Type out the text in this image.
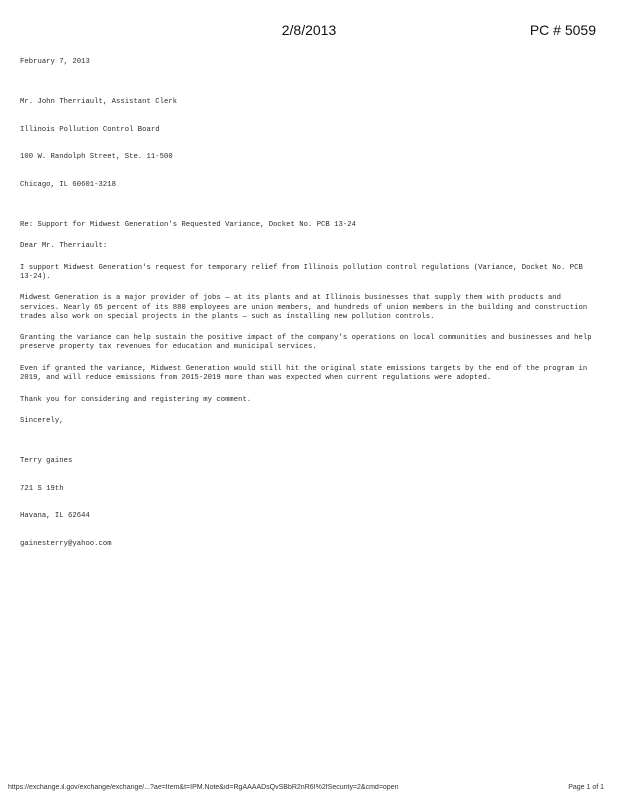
2/8/2013	PC # 5059
February 7, 2013

Mr. John Therriault, Assistant Clerk

Illinois Pollution Control Board

100 W. Randolph Street, Ste. 11-500

Chicago, IL 60601-3218

Re: Support for Midwest Generation's Requested Variance, Docket No. PCB 13-24
Dear Mr. Therriault:
I support Midwest Generation's request for temporary relief from Illinois pollution control regulations (Variance, Docket No. PCB 13-24).
Midwest Generation is a major provider of jobs — at its plants and at Illinois businesses that supply them with products and services. Nearly 65 percent of its 880 employees are union members, and hundreds of union members in the building and construction trades also work on special projects in the plants — such as installing new pollution controls.
Granting the variance can help sustain the positive impact of the company's operations on local communities and businesses and help preserve property tax revenues for education and municipal services.
Even if granted the variance, Midwest Generation would still hit the original state emissions targets by the end of the program in 2019, and will reduce emissions from 2015-2019 more than was expected when current regulations were adopted.
Thank you for considering and registering my comment.
Sincerely,

Terry gaines

721 S 19th

Havana, IL 62644

gainesterry@yahoo.com

https://exchange.il.gov/exchange/exchange/...?ae=Item&t=IPM.Note&id=RgAAAADsQvSBbR2nR6I%2fSecurity=2&cmd=open	Page 1 of 1
